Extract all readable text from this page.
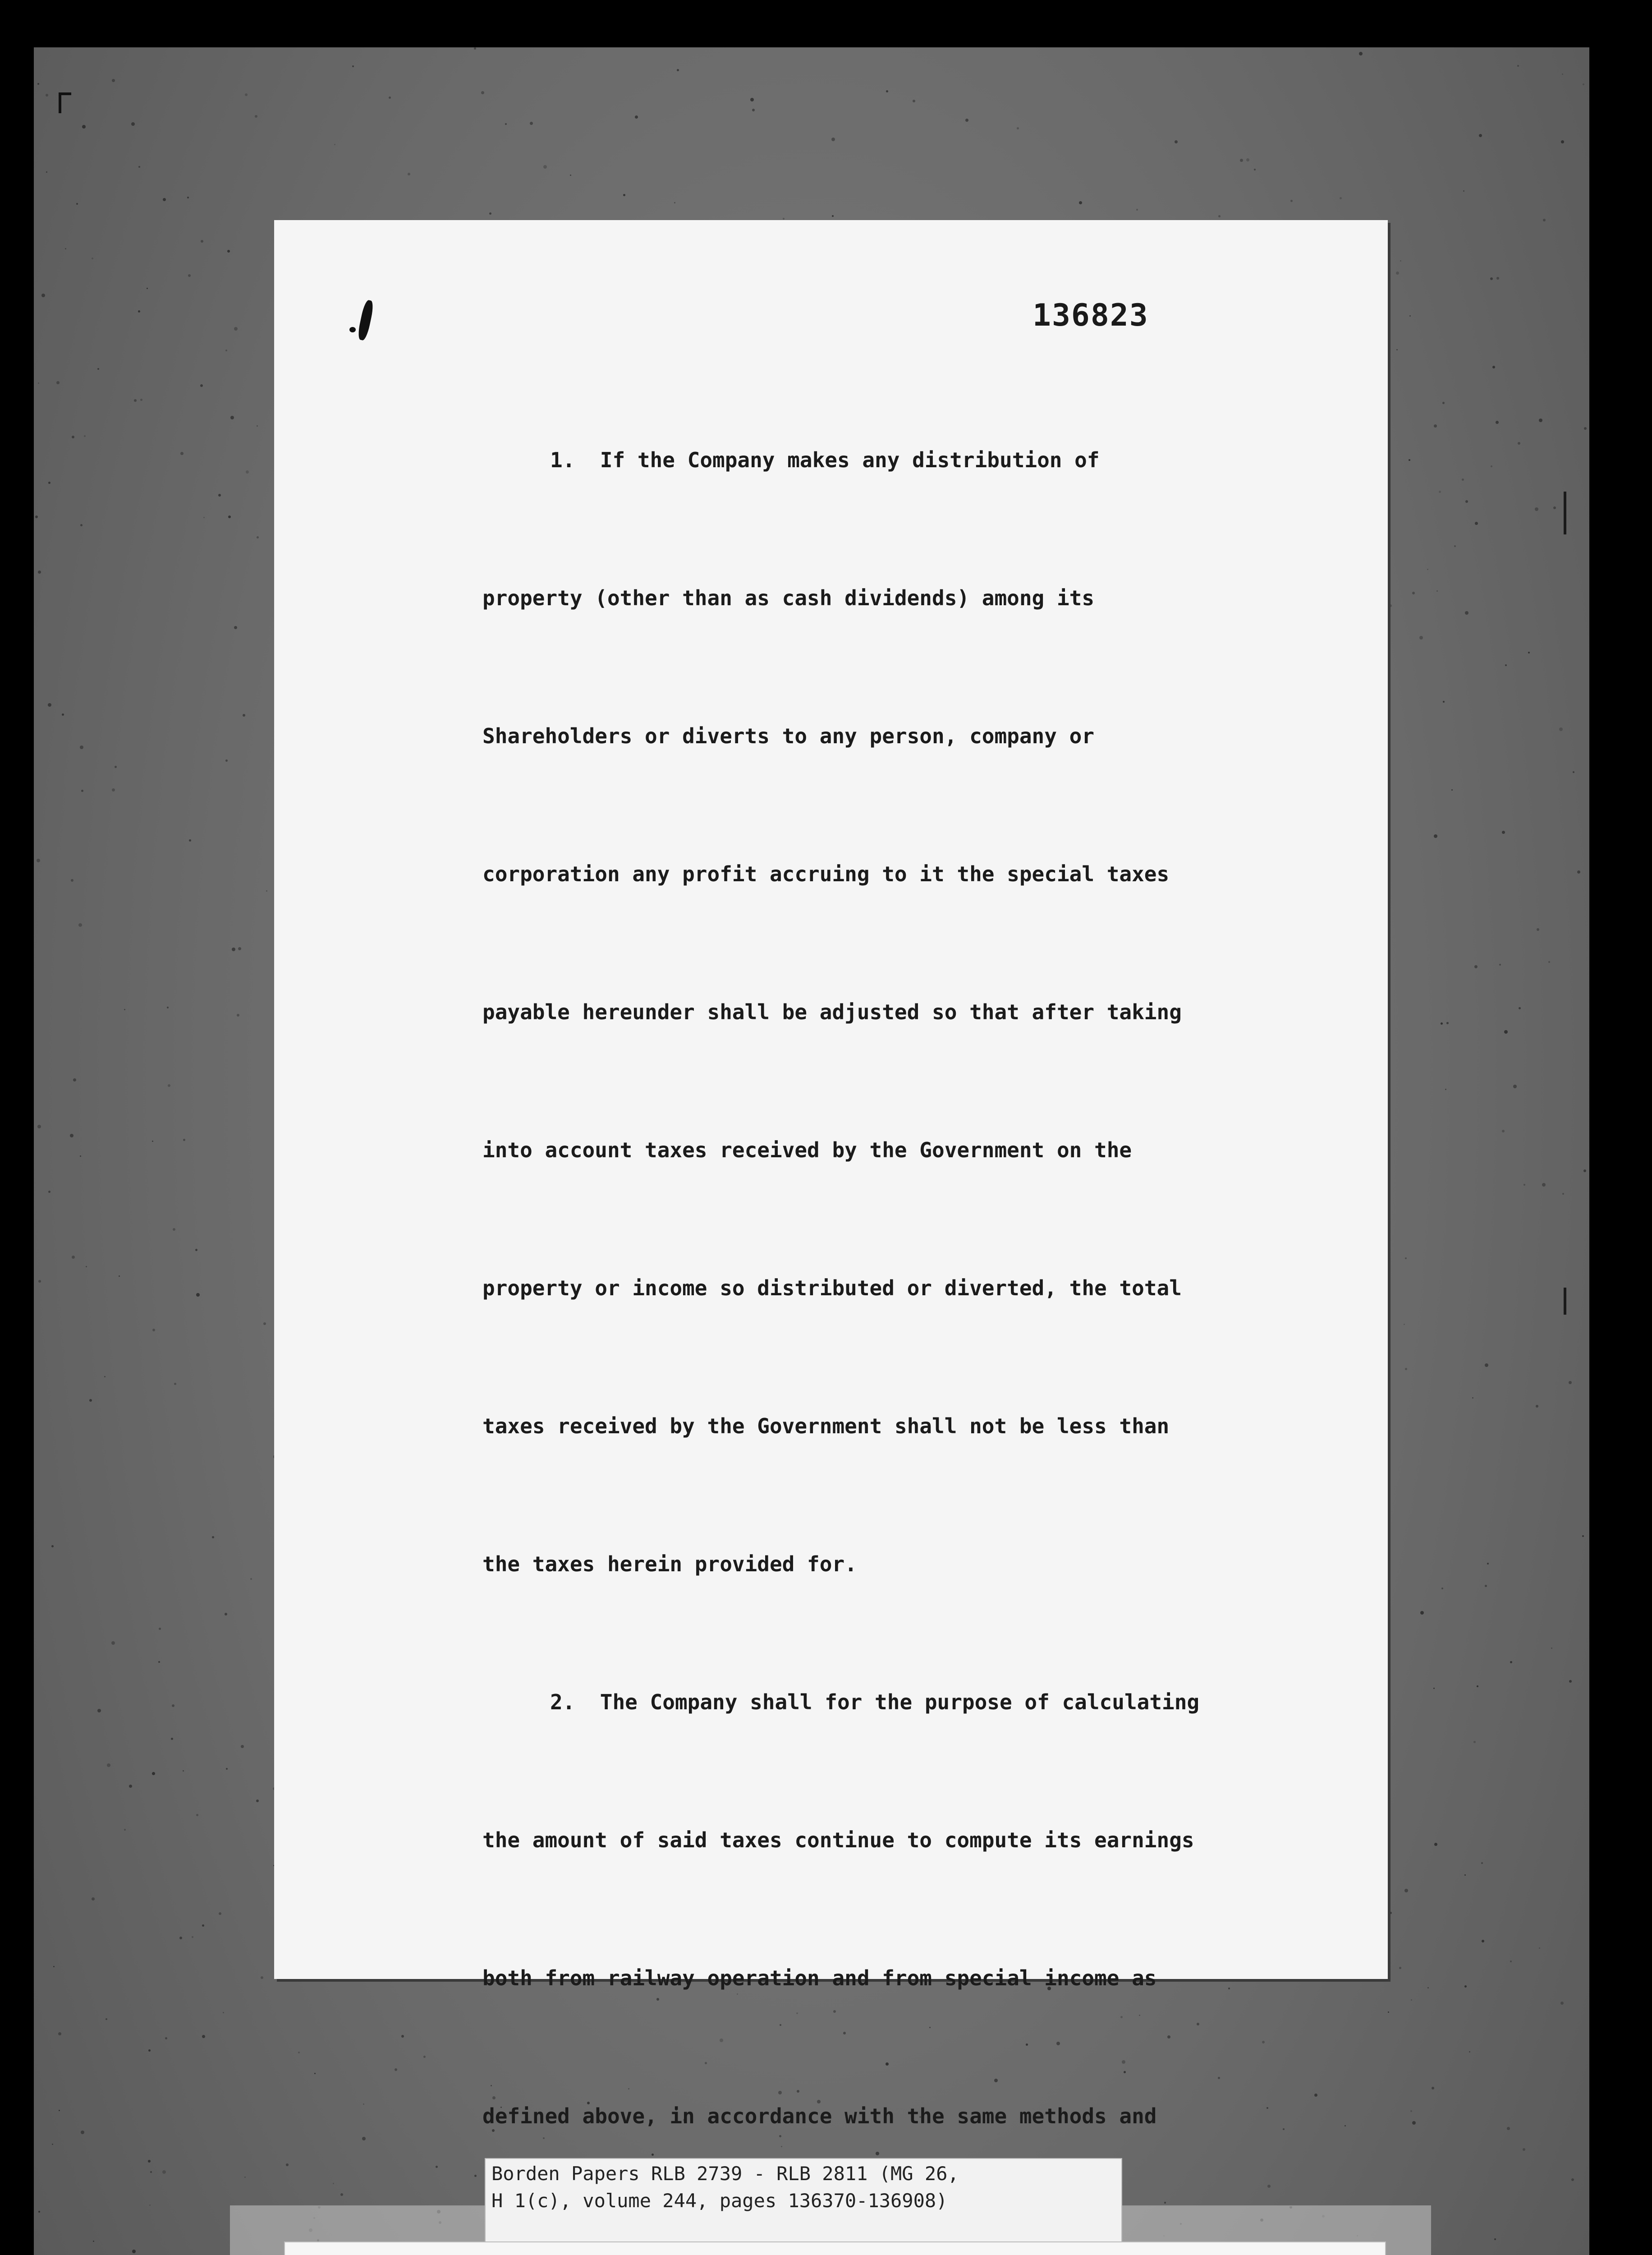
136823

1.  If the Company makes any distribution of

property (other than as cash dividends) among its

Shareholders or diverts to any person, company or

corporation any profit accruing to it the special taxes

payable hereunder shall be adjusted so that after taking

into account taxes received by the Government on the

property or income so distributed or diverted, the total

taxes received by the Government shall not be less than

the taxes herein provided for.

2.  The Company shall for the purpose of calculating

the amount of said taxes continue to compute its earnings

both from railway operation and from special income as

defined above, in accordance with the same methods and

Borden Papers RLB 2739 - RLB 2811 (MG 26,
H 1(c), volume 244, pages 136370-136908)
